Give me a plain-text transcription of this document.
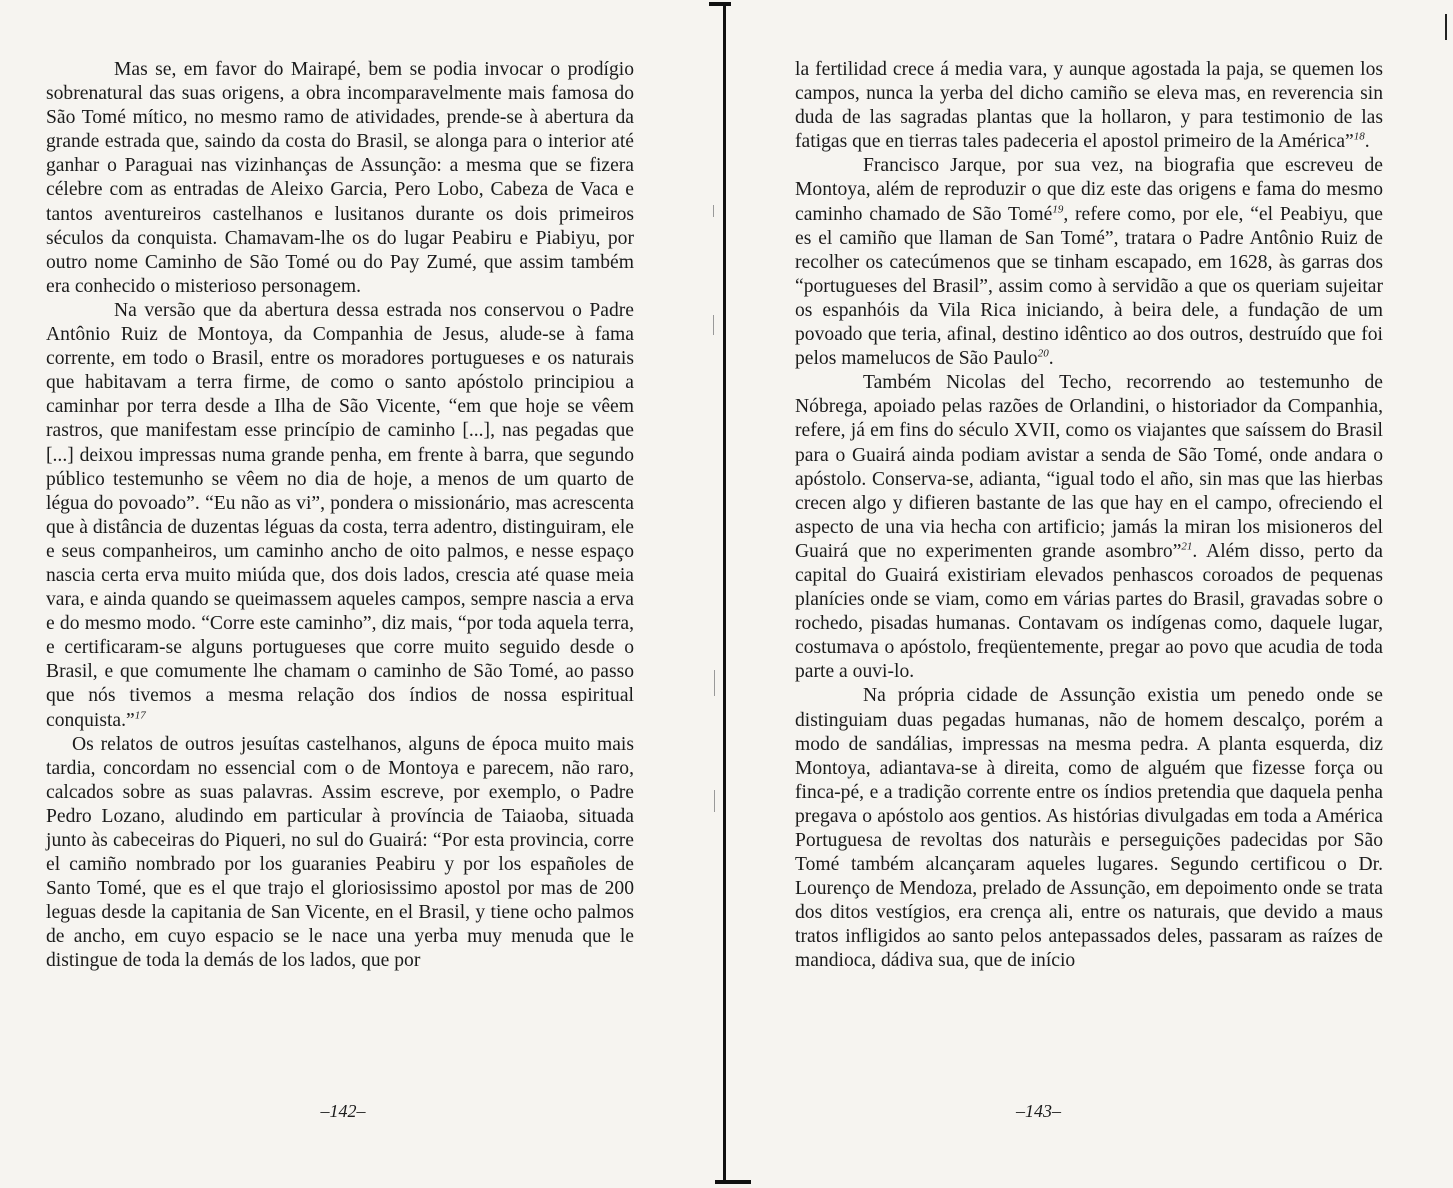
Mas se, em favor do Mairapé, bem se podia invocar o prodígio sobrenatural das suas origens, a obra incomparavelmente mais famosa do São Tomé mítico, no mesmo ramo de atividades, prende-se à abertura da grande estrada que, saindo da costa do Brasil, se alonga para o interior até ganhar o Paraguai nas vizinhanças de Assunção: a mesma que se fizera célebre com as entradas de Aleixo Garcia, Pero Lobo, Cabeza de Vaca e tantos aventureiros castelhanos e lusitanos durante os dois primeiros séculos da conquista. Chamavam-lhe os do lugar Peabiru e Piabiyu, por outro nome Caminho de São Tomé ou do Pay Zumé, que assim também era conhecido o misterioso personagem.

Na versão que da abertura dessa estrada nos conservou o Padre Antônio Ruiz de Montoya, da Companhia de Jesus, alude-se à fama corrente, em todo o Brasil, entre os moradores portugueses e os naturais que habitavam a terra firme, de como o santo apóstolo principiou a caminhar por terra desde a Ilha de São Vicente, “em que hoje se vêem rastros, que manifestam esse princípio de caminho [...], nas pegadas que [...] deixou impressas numa grande penha, em frente à barra, que segundo público testemunho se vêem no dia de hoje, a menos de um quarto de légua do povoado”. “Eu não as vi”, pondera o missionário, mas acrescenta que à distância de duzentas léguas da costa, terra adentro, distinguiram, ele e seus companheiros, um caminho ancho de oito palmos, e nesse espaço nascia certa erva muito miúda que, dos dois lados, crescia até quase meia vara, e ainda quando se queimassem aqueles campos, sempre nascia a erva e do mesmo modo. “Corre este caminho”, diz mais, “por toda aquela terra, e certificaram-se alguns portugueses que corre muito seguido desde o Brasil, e que comumente lhe chamam o caminho de São Tomé, ao passo que nós tivemos a mesma relação dos índios de nossa espiritual conquista.”$^{17}$

Os relatos de outros jesuítas castelhanos, alguns de época muito mais tardia, concordam no essencial com o de Montoya e parecem, não raro, calcados sobre as suas palavras. Assim escreve, por exemplo, o Padre Pedro Lozano, aludindo em particular à província de Taiaoba, situada junto às cabeceiras do Piqueri, no sul do Guairá: “Por esta provincia, corre el camiño nombrado por los guaranies Peabiru y por los españoles de Santo Tomé, que es el que trajo el gloriosissimo apostol por mas de 200 leguas desde la capitania de San Vicente, en el Brasil, y tiene ocho palmos de ancho, em cuyo espacio se le nace una yerba muy menuda que le distingue de toda la demás de los lados, que por

–142–

la fertilidad crece á media vara, y aunque agostada la paja, se quemen los campos, nunca la yerba del dicho camiño se eleva mas, en reverencia sin duda de las sagradas plantas que la hollaron, y para testimonio de las fatigas que en tierras tales padeceria el apostol primeiro de la América”$^{18}$.

Francisco Jarque, por sua vez, na biografia que escreveu de Montoya, além de reproduzir o que diz este das origens e fama do mesmo caminho chamado de São Tomé$^{19}$, refere como, por ele, “el Peabiyu, que es el camiño que llaman de San Tomé”, tratara o Padre Antônio Ruiz de recolher os catecúmenos que se tinham escapado, em 1628, às garras dos “portugueses del Brasil”, assim como à servidão a que os queriam sujeitar os espanhóis da Vila Rica iniciando, à beira dele, a fundação de um povoado que teria, afinal, destino idêntico ao dos outros, destruído que foi pelos mamelucos de São Paulo$^{20}$.

Também Nicolas del Techo, recorrendo ao testemunho de Nóbrega, apoiado pelas razões de Orlandini, o historiador da Companhia, refere, já em fins do século XVII, como os viajantes que saíssem do Brasil para o Guairá ainda podiam avistar a senda de São Tomé, onde andara o apóstolo. Conserva-se, adianta, “igual todo el año, sin mas que las hierbas crecen algo y difieren bastante de las que hay en el campo, ofreciendo el aspecto de una via hecha con artificio; jamás la miran los misioneros del Guairá que no experimenten grande asombro”$^{21}$. Além disso, perto da capital do Guairá existiriam elevados penhascos coroados de pequenas planícies onde se viam, como em várias partes do Brasil, gravadas sobre o rochedo, pisadas humanas. Contavam os indígenas como, daquele lugar, costumava o apóstolo, freqüentemente, pregar ao povo que acudia de toda parte a ouvi-lo.

Na própria cidade de Assunção existia um penedo onde se distinguiam duas pegadas humanas, não de homem descalço, porém a modo de sandálias, impressas na mesma pedra. A planta esquerda, diz Montoya, adiantava-se à direita, como de alguém que fizesse força ou finca-pé, e a tradição corrente entre os índios pretendia que daquela penha pregava o apóstolo aos gentios. As histórias divulgadas em toda a América Portuguesa de revoltas dos naturàis e perseguições padecidas por São Tomé também alcançaram aqueles lugares. Segundo certificou o Dr. Lourenço de Mendoza, prelado de Assunção, em depoimento onde se trata dos ditos vestígios, era crença ali, entre os naturais, que devido a maus tratos infligidos ao santo pelos antepassados deles, passaram as raízes de mandioca, dádiva sua, que de início

–143–
